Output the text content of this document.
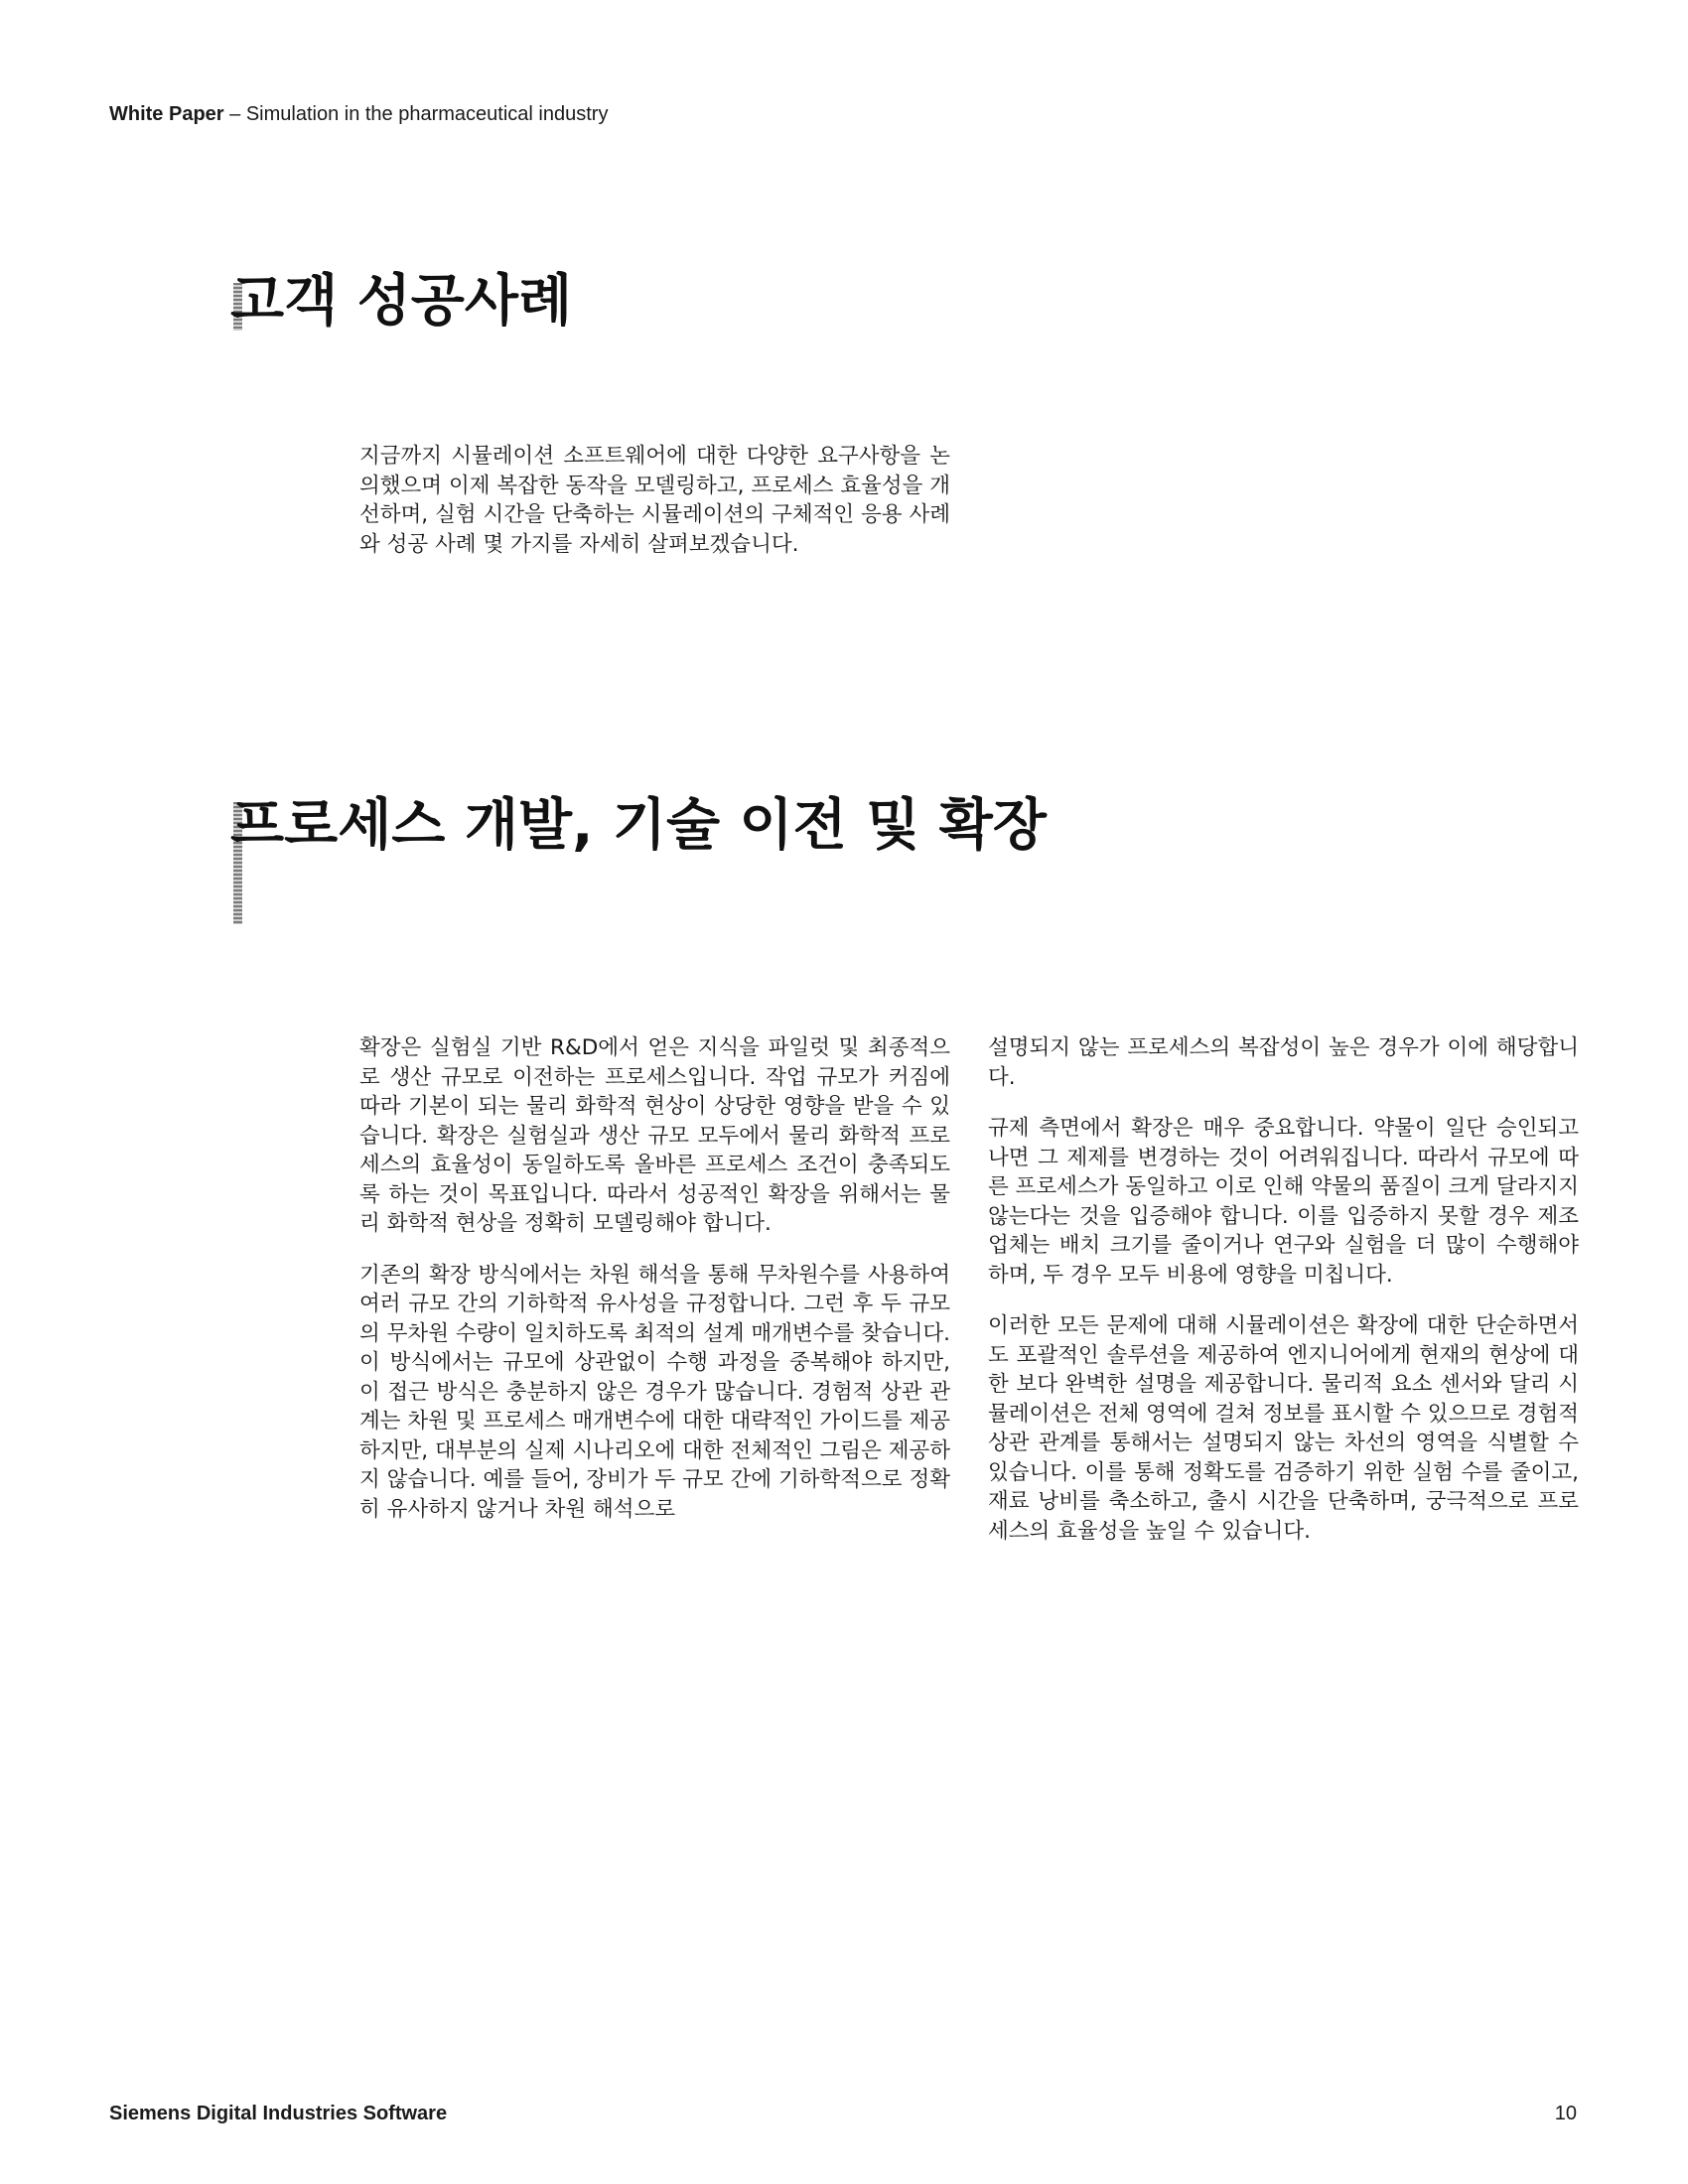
White Paper – Simulation in the pharmaceutical industry
고객 성공사례

지금까지 시뮬레이션 소프트웨어에 대한 다양한 요구사항을 논의했으며 이제 복잡한 동작을 모델링하고, 프로세스 효율성을 개선하며, 실험 시간을 단축하는 시뮬레이션의 구체적인 응용 사례와 성공 사례 몇 가지를 자세히 살펴보겠습니다.

프로세스 개발, 기술 이전 및 확장

확장은 실험실 기반 R&D에서 얻은 지식을 파일럿 및 최종적으로 생산 규모로 이전하는 프로세스입니다. 작업 규모가 커짐에 따라 기본이 되는 물리 화학적 현상이 상당한 영향을 받을 수 있습니다. 확장은 실험실과 생산 규모 모두에서 물리 화학적 프로세스의 효율성이 동일하도록 올바른 프로세스 조건이 충족되도록 하는 것이 목표입니다. 따라서 성공적인 확장을 위해서는 물리 화학적 현상을 정확히 모델링해야 합니다.

기존의 확장 방식에서는 차원 해석을 통해 무차원수를 사용하여 여러 규모 간의 기하학적 유사성을 규정합니다. 그런 후 두 규모의 무차원 수량이 일치하도록 최적의 설계 매개변수를 찾습니다. 이 방식에서는 규모에 상관없이 수행 과정을 중복해야 하지만, 이 접근 방식은 충분하지 않은 경우가 많습니다. 경험적 상관 관계는 차원 및 프로세스 매개변수에 대한 대략적인 가이드를 제공하지만, 대부분의 실제 시나리오에 대한 전체적인 그림은 제공하지 않습니다. 예를 들어, 장비가 두 규모 간에 기하학적으로 정확히 유사하지 않거나 차원 해석으로

설명되지 않는 프로세스의 복잡성이 높은 경우가 이에 해당합니다.

규제 측면에서 확장은 매우 중요합니다. 약물이 일단 승인되고 나면 그 제제를 변경하는 것이 어려워집니다. 따라서 규모에 따른 프로세스가 동일하고 이로 인해 약물의 품질이 크게 달라지지 않는다는 것을 입증해야 합니다. 이를 입증하지 못할 경우 제조업체는 배치 크기를 줄이거나 연구와 실험을 더 많이 수행해야 하며, 두 경우 모두 비용에 영향을 미칩니다.

이러한 모든 문제에 대해 시뮬레이션은 확장에 대한 단순하면서도 포괄적인 솔루션을 제공하여 엔지니어에게 현재의 현상에 대한 보다 완벽한 설명을 제공합니다. 물리적 요소 센서와 달리 시뮬레이션은 전체 영역에 걸쳐 정보를 표시할 수 있으므로 경험적 상관 관계를 통해서는 설명되지 않는 차선의 영역을 식별할 수 있습니다. 이를 통해 정확도를 검증하기 위한 실험 수를 줄이고, 재료 낭비를 축소하고, 출시 시간을 단축하며, 궁극적으로 프로세스의 효율성을 높일 수 있습니다.

Siemens Digital Industries Software	10
